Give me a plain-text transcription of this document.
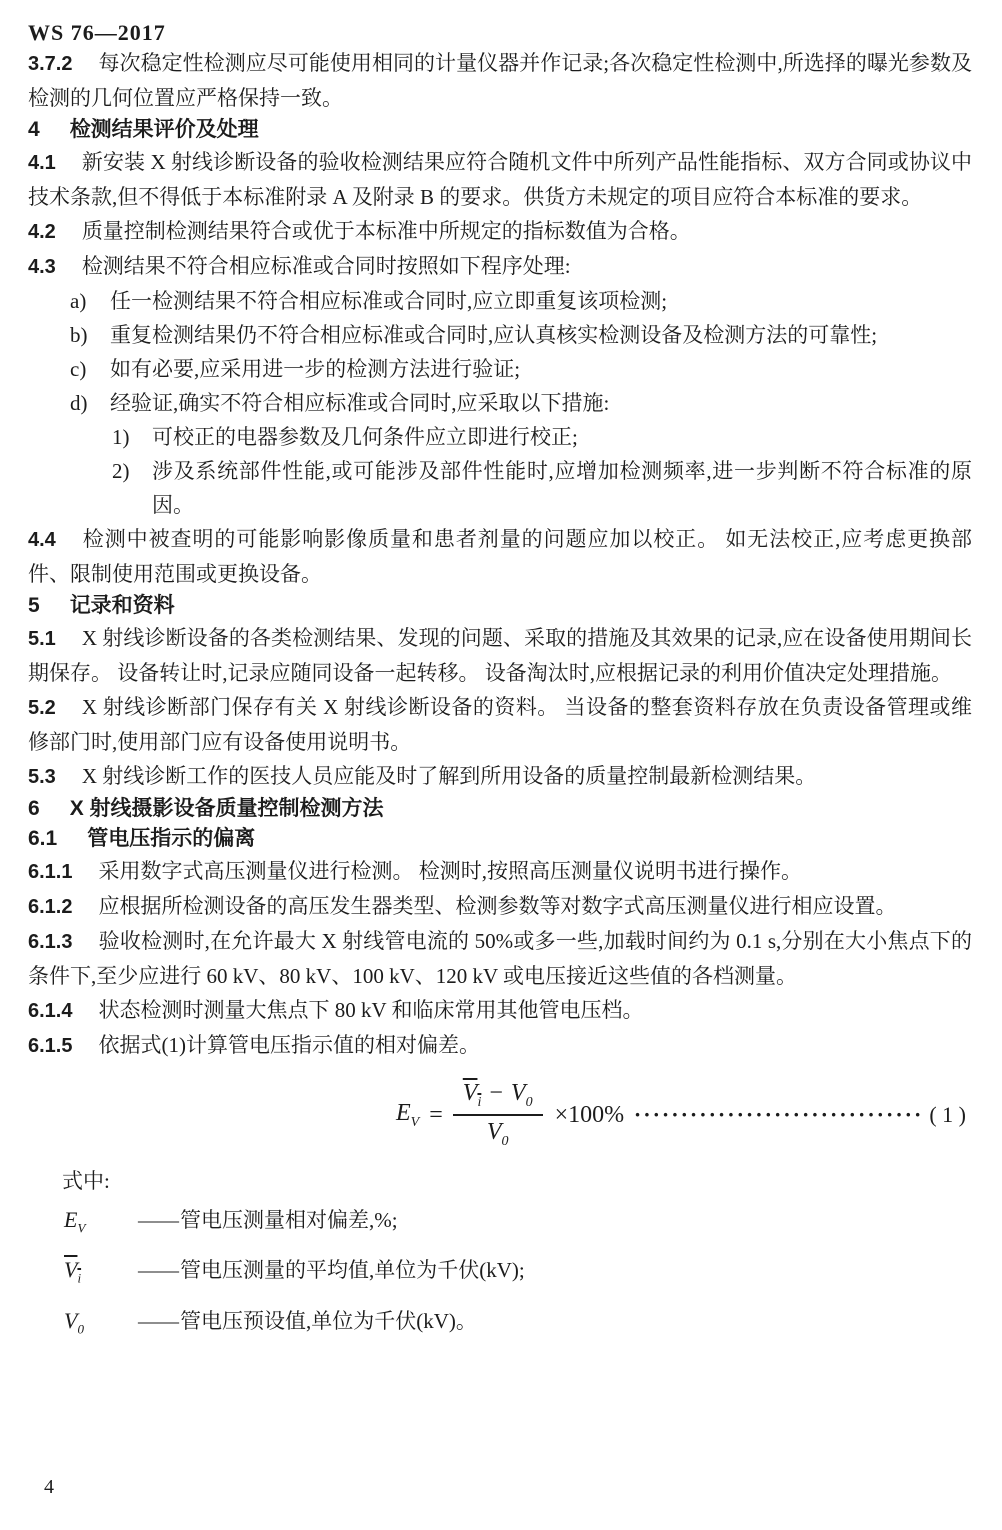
WS 76—2017

3.7.2 每次稳定性检测应尽可能使用相同的计量仪器并作记录;各次稳定性检测中,所选择的曝光参数及检测的几何位置应严格保持一致。

4 检测结果评价及处理

4.1 新安装 X 射线诊断设备的验收检测结果应符合随机文件中所列产品性能指标、双方合同或协议中技术条款,但不得低于本标准附录 A 及附录 B 的要求。供货方未规定的项目应符合本标准的要求。

4.2 质量控制检测结果符合或优于本标准中所规定的指标数值为合格。

4.3 检测结果不符合相应标准或合同时按照如下程序处理:

a)	任一检测结果不符合相应标准或合同时,应立即重复该项检测;
b)	重复检测结果仍不符合相应标准或合同时,应认真核实检测设备及检测方法的可靠性;
c)	如有必要,应采用进一步的检测方法进行验证;
d)	经验证,确实不符合相应标准或合同时,应采取以下措施:
1)	可校正的电器参数及几何条件应立即进行校正;
2)	涉及系统部件性能,或可能涉及部件性能时,应增加检测频率,进一步判断不符合标准的原因。

4.4 检测中被查明的可能影响影像质量和患者剂量的问题应加以校正。 如无法校正,应考虑更换部件、限制使用范围或更换设备。

5 记录和资料

5.1 X 射线诊断设备的各类检测结果、发现的问题、采取的措施及其效果的记录,应在设备使用期间长期保存。 设备转让时,记录应随同设备一起转移。 设备淘汰时,应根据记录的利用价值决定处理措施。

5.2 X 射线诊断部门保存有关 X 射线诊断设备的资料。 当设备的整套资料存放在负责设备管理或维修部门时,使用部门应有设备使用说明书。

5.3 X 射线诊断工作的医技人员应能及时了解到所用设备的质量控制最新检测结果。

6 X 射线摄影设备质量控制检测方法
6.1 管电压指示的偏离

6.1.1 采用数字式高压测量仪进行检测。 检测时,按照高压测量仪说明书进行操作。

6.1.2 应根据所检测设备的高压发生器类型、检测参数等对数字式高压测量仪进行相应设置。

6.1.3 验收检测时,在允许最大 X 射线管电流的 50%或多一些,加载时间约为 0.1 s,分别在大小焦点下的条件下,至少应进行 60 kV、80 kV、100 kV、120 kV 或电压接近这些值的各档测量。

6.1.4 状态检测时测量大焦点下 80 kV 和临床常用其他管电压档。

6.1.5 依据式(1)计算管电压指示值的相对偏差。

$E_V = \frac{V_i - V_0}{V_0} \times 100\%$ ······························· ( 1 )
式中:
$E_V$	—— 管电压测量相对偏差,%;
$V_i$	—— 管电压测量的平均值,单位为千伏(kV);
$V_0$	—— 管电压预设值,单位为千伏(kV)。
4
